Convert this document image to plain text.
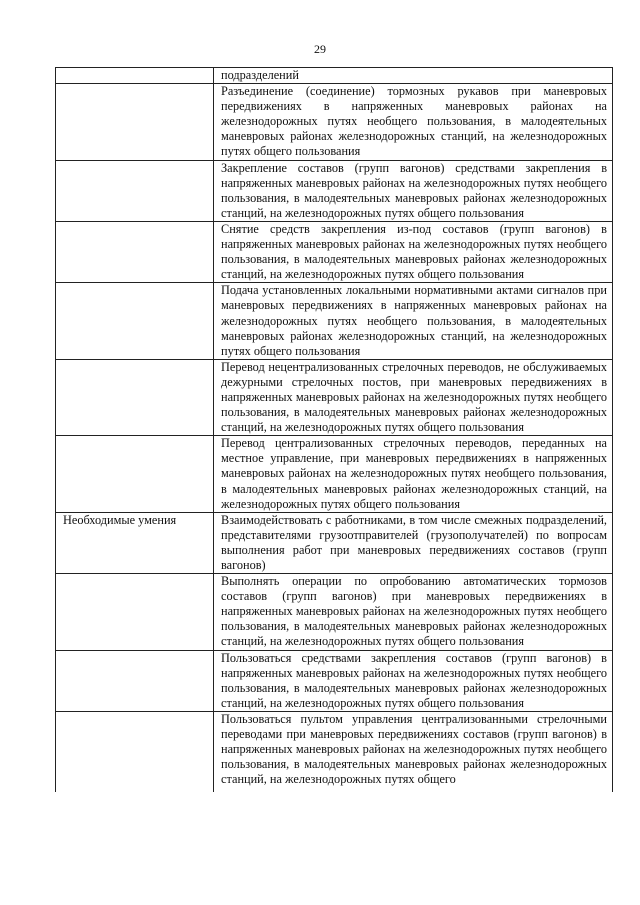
29
	подразделений
	Разъединение (соединение) тормозных рукавов при маневровых передвижениях в напряженных маневровых районах на железнодорожных путях необщего пользования, в малодеятельных маневровых районах железнодорожных станций, на железнодорожных путях общего пользования
	Закрепление составов (групп вагонов) средствами закрепления в напряженных маневровых районах на железнодорожных путях необщего пользования, в малодеятельных маневровых районах железнодорожных станций, на железнодорожных путях общего пользования
	Снятие средств закрепления из-под составов (групп вагонов) в напряженных маневровых районах на железнодорожных путях необщего пользования, в малодеятельных маневровых районах железнодорожных станций, на железнодорожных путях общего пользования
	Подача установленных локальными нормативными актами сигналов при маневровых передвижениях в напряженных маневровых районах на железнодорожных путях необщего пользования, в малодеятельных маневровых районах железнодорожных станций, на железнодорожных путях общего пользования
	Перевод нецентрализованных стрелочных переводов, не обслуживаемых дежурными стрелочных постов, при маневровых передвижениях в напряженных маневровых районах на железнодорожных путях необщего пользования, в малодеятельных маневровых районах железнодорожных станций, на железнодорожных путях общего пользования
	Перевод централизованных стрелочных переводов, переданных на местное управление, при маневровых передвижениях в напряженных маневровых районах на железнодорожных путях необщего пользования, в малодеятельных маневровых районах железнодорожных станций, на железнодорожных путях общего пользования
Необходимые умения	Взаимодействовать с работниками, в том числе смежных подразделений, представителями грузоотправителей (грузополучателей) по вопросам выполнения работ при маневровых передвижениях составов (групп вагонов)
	Выполнять операции по опробованию автоматических тормозов составов (групп вагонов) при маневровых передвижениях в напряженных маневровых районах на железнодорожных путях необщего пользования, в малодеятельных маневровых районах железнодорожных станций, на железнодорожных путях общего пользования
	Пользоваться средствами закрепления составов (групп вагонов) в напряженных маневровых районах на железнодорожных путях необщего пользования, в малодеятельных маневровых районах железнодорожных станций, на железнодорожных путях общего пользования

	Пользоваться пультом управления централизованными стрелочными переводами при маневровых передвижениях составов (групп вагонов) в напряженных маневровых районах на железнодорожных путях необщего пользования, в малодеятельных маневровых районах железнодорожных станций, на железнодорожных путях общего
